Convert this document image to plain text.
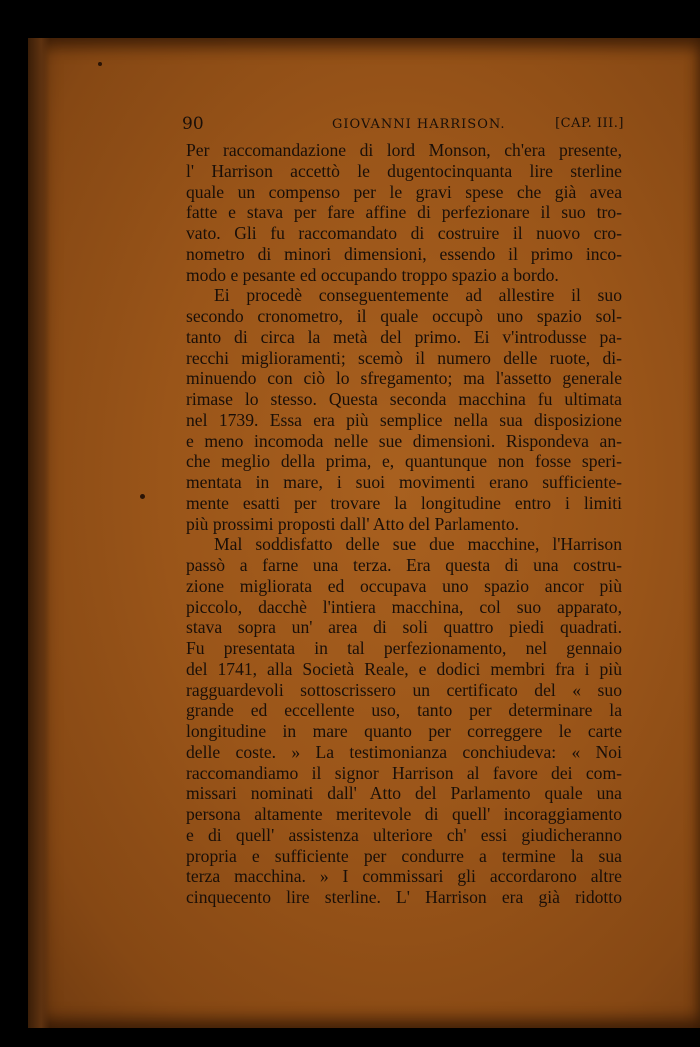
90	GIOVANNI HARRISON.	[CAP. III.]
Per raccomandazione di lord Monson, ch'era presente,
l' Harrison accettò le dugentocinquanta lire sterline
quale un compenso per le gravi spese che già avea
fatte e stava per fare affine di perfezionare il suo tro-
vato. Gli fu raccomandato di costruire il nuovo cro-
nometro di minori dimensioni, essendo il primo inco-
modo e pesante ed occupando troppo spazio a bordo.
Ei procedè conseguentemente ad allestire il suo
secondo cronometro, il quale occupò uno spazio sol-
tanto di circa la metà del primo. Ei v'introdusse pa-
recchi miglioramenti; scemò il numero delle ruote, di-
minuendo con ciò lo sfregamento; ma l'assetto generale
rimase lo stesso. Questa seconda macchina fu ultimata
nel 1739. Essa era più semplice nella sua disposizione
e meno incomoda nelle sue dimensioni. Rispondeva an-
che meglio della prima, e, quantunque non fosse speri-
mentata in mare, i suoi movimenti erano sufficiente-
mente esatti per trovare la longitudine entro i limiti
più prossimi proposti dall' Atto del Parlamento.
Mal soddisfatto delle sue due macchine, l'Harrison
passò a farne una terza. Era questa di una costru-
zione migliorata ed occupava uno spazio ancor più
piccolo, dacchè l'intiera macchina, col suo apparato,
stava sopra un' area di soli quattro piedi quadrati.
Fu presentata in tal perfezionamento, nel gennaio
del 1741, alla Società Reale, e dodici membri fra i più
ragguardevoli sottoscrissero un certificato del « suo
grande ed eccellente uso, tanto per determinare la
longitudine in mare quanto per correggere le carte
delle coste. » La testimonianza conchiudeva: « Noi
raccomandiamo il signor Harrison al favore dei com-
missari nominati dall' Atto del Parlamento quale una
persona altamente meritevole di quell' incoraggiamento
e di quell' assistenza ulteriore ch' essi giudicheranno
propria e sufficiente per condurre a termine la sua
terza macchina. » I commissari gli accordarono altre
cinquecento lire sterline. L' Harrison era già ridotto
